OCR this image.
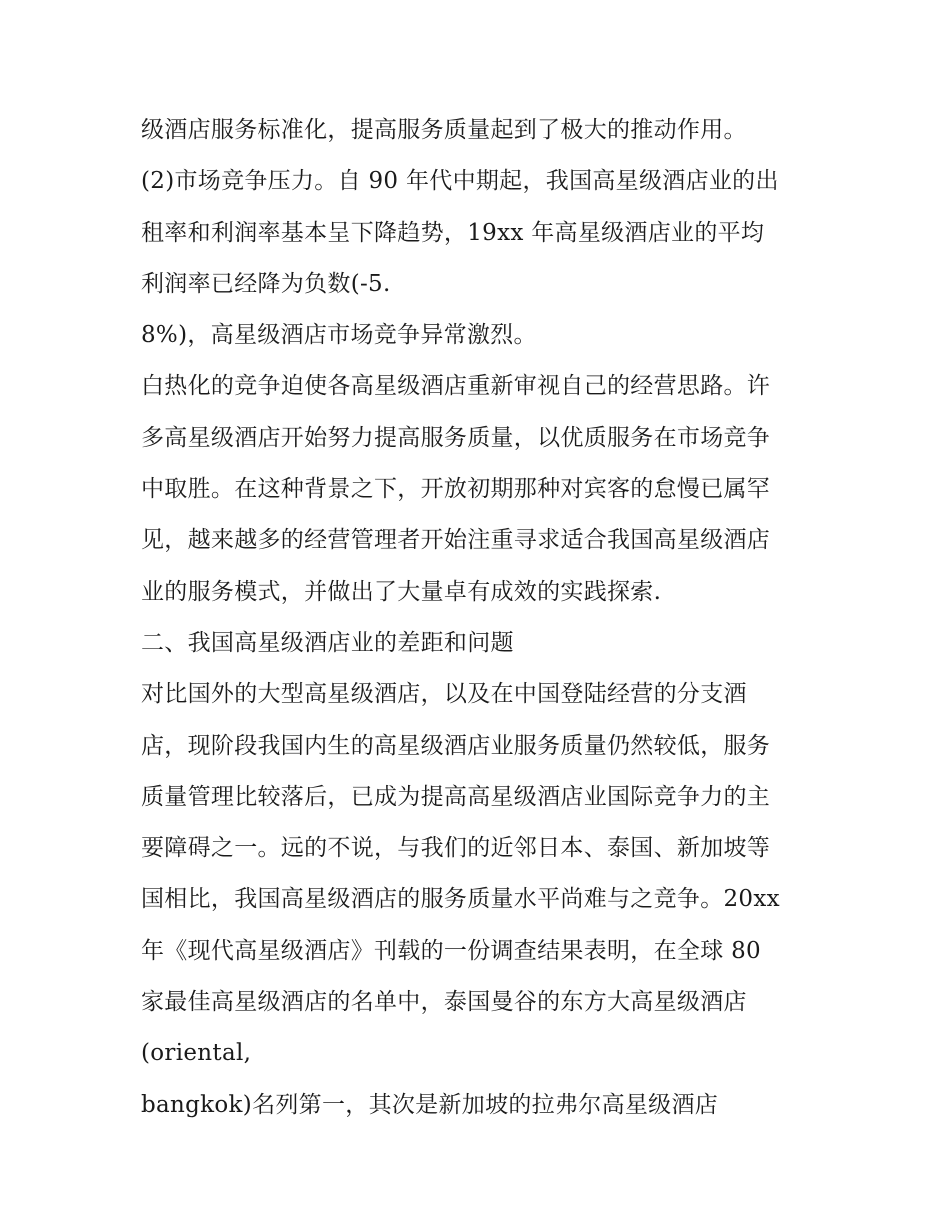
级酒店服务标准化，提高服务质量起到了极大的推动作用。
(2)市场竞争压力。自 90 年代中期起，我国高星级酒店业的出
租率和利润率基本呈下降趋势，19xx 年高星级酒店业的平均
利润率已经降为负数(-5.
8%)，高星级酒店市场竞争异常激烈。
白热化的竞争迫使各高星级酒店重新审视自己的经营思路。许
多高星级酒店开始努力提高服务质量，以优质服务在市场竞争
中取胜。在这种背景之下，开放初期那种对宾客的怠慢已属罕
见，越来越多的经营管理者开始注重寻求适合我国高星级酒店
业的服务模式，并做出了大量卓有成效的实践探索.
二、我国高星级酒店业的差距和问题
对比国外的大型高星级酒店，以及在中国登陆经营的分支酒
店，现阶段我国内生的高星级酒店业服务质量仍然较低，服务
质量管理比较落后，已成为提高高星级酒店业国际竞争力的主
要障碍之一。远的不说，与我们的近邻日本、泰国、新加坡等
国相比，我国高星级酒店的服务质量水平尚难与之竞争。20xx
年《现代高星级酒店》刊载的一份调查结果表明，在全球 80
家最佳高星级酒店的名单中，泰国曼谷的东方大高星级酒店
(oriental,
bangkok)名列第一，其次是新加坡的拉弗尔高星级酒店
